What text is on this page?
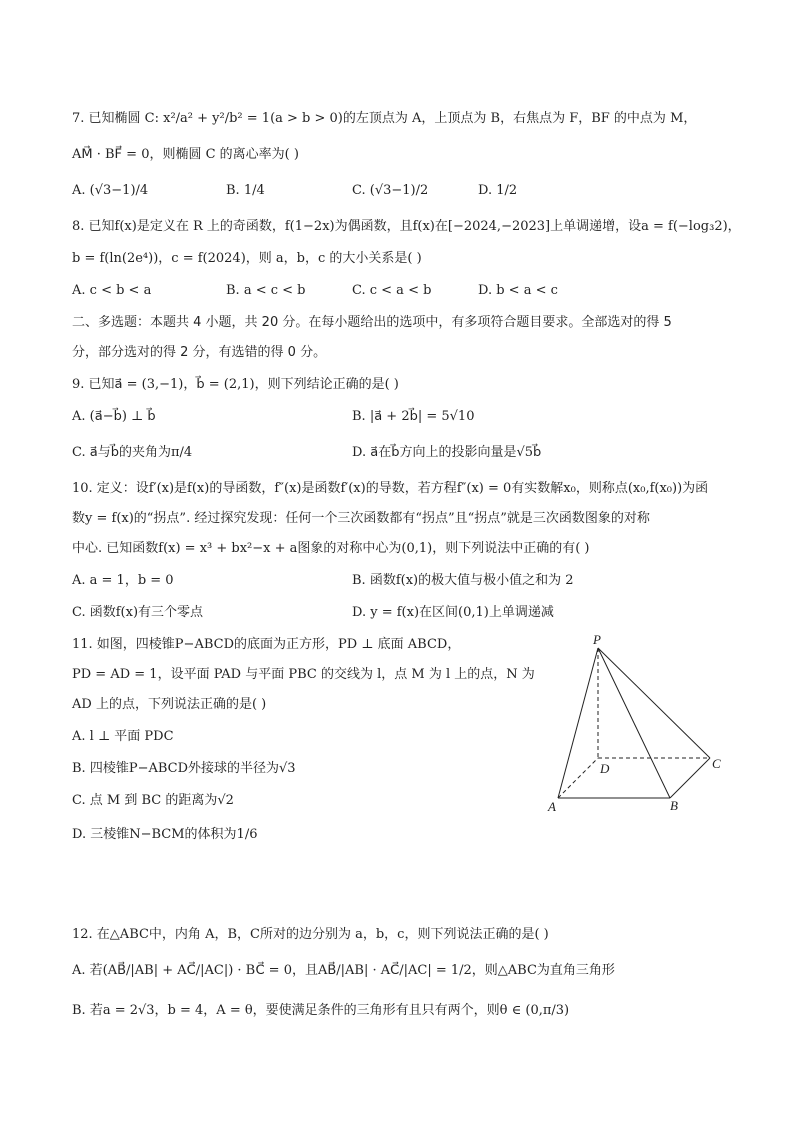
7. 已知椭圆 C: x²/a² + y²/b² = 1(a > b > 0)的左顶点为 A，上顶点为 B，右焦点为 F，BF 的中点为 M，
AM⃗ · BF⃗ = 0，则椭圆 C 的离心率为( )
A. (√3−1)/4	B. 1/4	C. (√3−1)/2	D. 1/2
8. 已知f(x)是定义在 R 上的奇函数，f(1−2x)为偶函数，且f(x)在[−2024,−2023]上单调递增，设a = f(−log₃2)，
b = f(ln(2e⁴))，c = f(2024)，则 a，b，c 的大小关系是( )
A. c < b < a	B. a < c < b	C. c < a < b	D. b < a < c
二、多选题：本题共 4 小题，共 20 分。在每小题给出的选项中，有多项符合题目要求。全部选对的得 5
分，部分选对的得 2 分，有选错的得 0 分。
9. 已知a⃗ = (3,−1)，b⃗ = (2,1)，则下列结论正确的是( )
A. (a⃗−b⃗) ⊥ b⃗	B. |a⃗ + 2b⃗| = 5√10
C. a⃗与b⃗的夹角为π/4	D. a⃗在b⃗方向上的投影向量是√5b⃗
10. 定义：设f′(x)是f(x)的导函数，f″(x)是函数f′(x)的导数，若方程f″(x) = 0有实数解x₀，则称点(x₀,f(x₀))为函
数y = f(x)的“拐点”. 经过探究发现：任何一个三次函数都有“拐点”且“拐点”就是三次函数图象的对称
中心. 已知函数f(x) = x³ + bx²−x + a图象的对称中心为(0,1)，则下列说法中正确的有( )
A. a = 1，b = 0	B. 函数f(x)的极大值与极小值之和为 2
C. 函数f(x)有三个零点	D. y = f(x)在区间(0,1)上单调递减
11. 如图，四棱锥P−ABCD的底面为正方形，PD ⊥ 底面 ABCD，
PD = AD = 1，设平面 PAD 与平面 PBC 的交线为 l，点 M 为 l 上的点，N 为
AD 上的点，下列说法正确的是( )
A. l ⊥ 平面 PDC
B. 四棱锥P−ABCD外接球的半径为√3
C. 点 M 到 BC 的距离为√2
D. 三棱锥N−BCM的体积为1/6
P
D	C
A	B
12. 在△ABC中，内角 A，B，C所对的边分别为 a，b，c，则下列说法正确的是( )
A. 若(AB⃗/|AB| + AC⃗/|AC|) · BC⃗ = 0，且AB⃗/|AB| · AC⃗/|AC| = 1/2，则△ABC为直角三角形
B. 若a = 2√3，b = 4，A = θ，要使满足条件的三角形有且只有两个，则θ ∈ (0,π/3)
